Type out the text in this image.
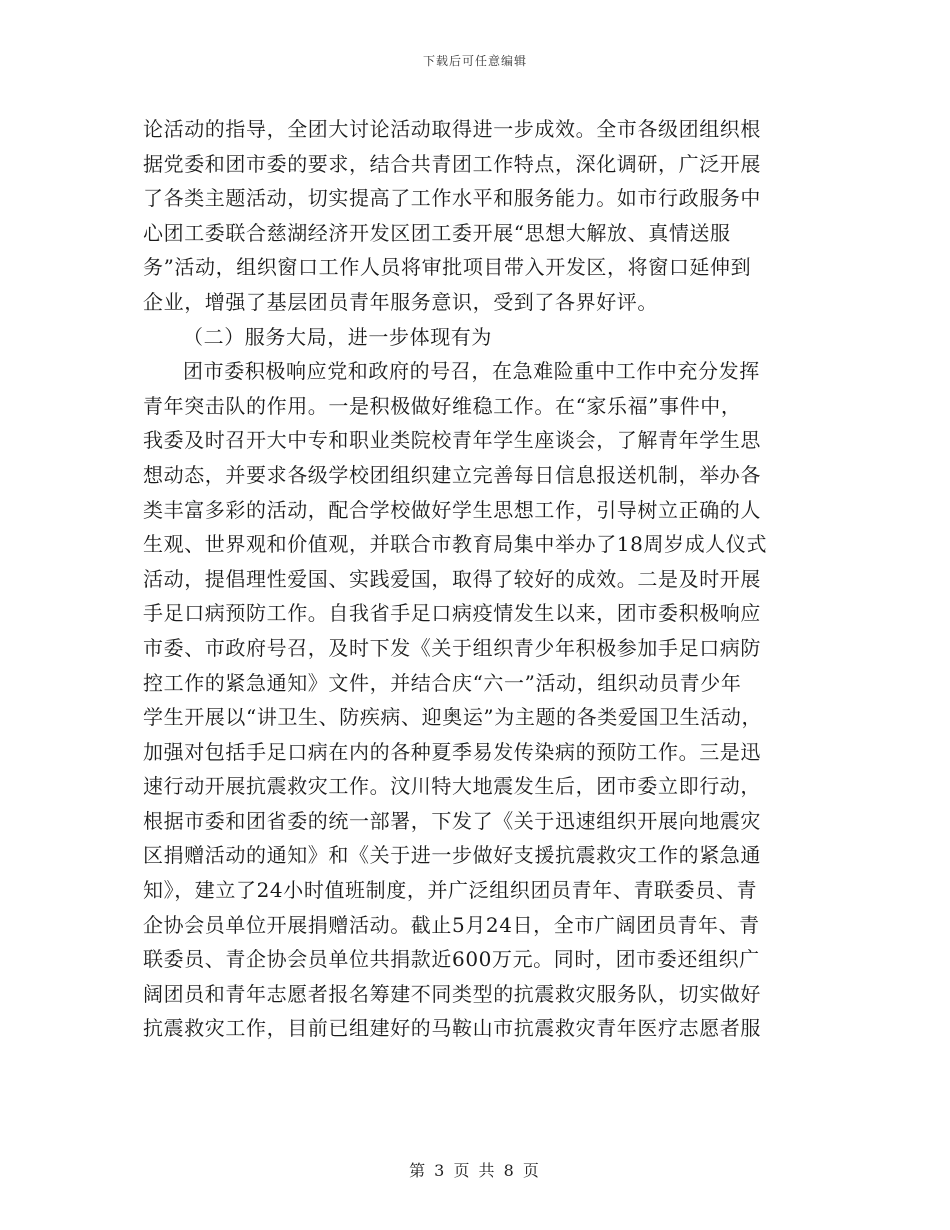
下载后可任意编辑
论活动的指导，全团大讨论活动取得进一步成效。全市各级团组织根
据党委和团市委的要求，结合共青团工作特点，深化调研，广泛开展
了各类主题活动，切实提高了工作水平和服务能力。如市行政服务中
心团工委联合慈湖经济开发区团工委开展“思想大解放、真情送服
务”活动，组织窗口工作人员将审批项目带入开发区，将窗口延伸到
企业，增强了基层团员青年服务意识，受到了各界好评。
（二）服务大局，进一步体现有为
团市委积极响应党和政府的号召，在急难险重中工作中充分发挥
青年突击队的作用。一是积极做好维稳工作。在“家乐福”事件中，
我委及时召开大中专和职业类院校青年学生座谈会，了解青年学生思
想动态，并要求各级学校团组织建立完善每日信息报送机制，举办各
类丰富多彩的活动，配合学校做好学生思想工作，引导树立正确的人
生观、世界观和价值观，并联合市教育局集中举办了18周岁成人仪式
活动，提倡理性爱国、实践爱国，取得了较好的成效。二是及时开展
手足口病预防工作。自我省手足口病疫情发生以来，团市委积极响应
市委、市政府号召，及时下发《关于组织青少年积极参加手足口病防
控工作的紧急通知》文件，并结合庆“六一”活动，组织动员青少年
学生开展以“讲卫生、防疾病、迎奥运”为主题的各类爱国卫生活动，
加强对包括手足口病在内的各种夏季易发传染病的预防工作。三是迅
速行动开展抗震救灾工作。汶川特大地震发生后，团市委立即行动，
根据市委和团省委的统一部署，下发了《关于迅速组织开展向地震灾
区捐赠活动的通知》和《关于进一步做好支援抗震救灾工作的紧急通
知》，建立了24小时值班制度，并广泛组织团员青年、青联委员、青
企协会员单位开展捐赠活动。截止5月24日，全市广阔团员青年、青
联委员、青企协会员单位共捐款近600万元。同时，团市委还组织广
阔团员和青年志愿者报名筹建不同类型的抗震救灾服务队，切实做好
抗震救灾工作，目前已组建好的马鞍山市抗震救灾青年医疗志愿者服
第 3 页 共 8 页
